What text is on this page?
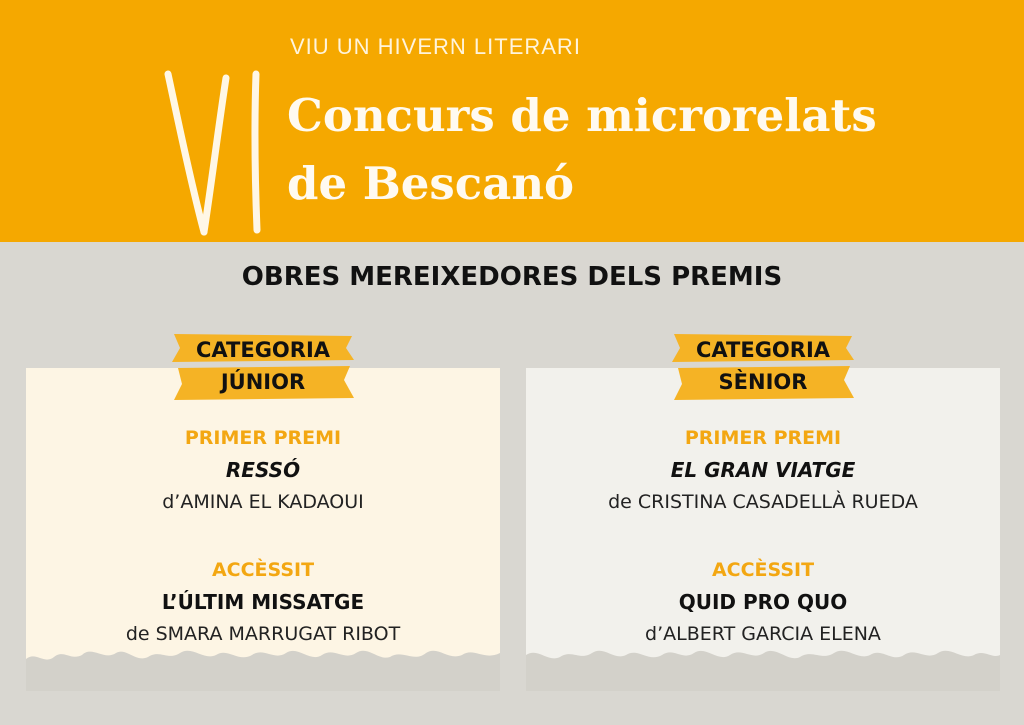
VIU UN HIVERN LITERARI
Concurs de microrelats
de Bescanó
OBRES MEREIXEDORES DELS PREMIS
CATEGORIA
JÚNIOR
CATEGORIA
SÈNIOR
PRIMER PREMI
RESSÓ
d’AMINA EL KADAOUI
ACCÈSSIT
L’ÚLTIM MISSATGE
de SMARA MARRUGAT RIBOT
PRIMER PREMI
EL GRAN VIATGE
de CRISTINA CASADELLÀ RUEDA
ACCÈSSIT
QUID PRO QUO
d’ALBERT GARCIA ELENA
